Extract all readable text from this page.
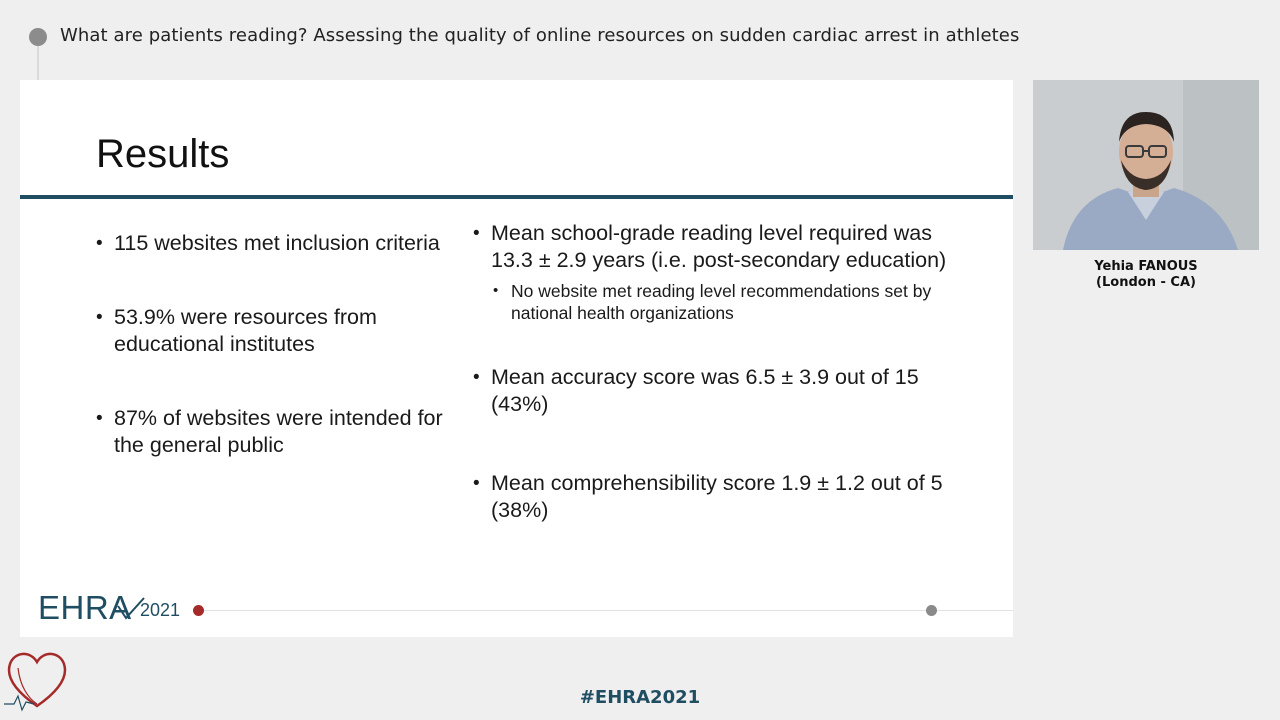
What are patients reading? Assessing the quality of online resources on sudden cardiac arrest in athletes
Results
• 115 websites met inclusion criteria
• 53.9% were resources from educational institutes
• 87% of websites were intended for the general public
• Mean school-grade reading level required was 13.3 ± 2.9 years (i.e. post-secondary education)
• No website met reading level recommendations set by national health organizations
• Mean accuracy score was 6.5 ± 3.9 out of 15 (43%)
• Mean comprehensibility score 1.9 ± 1.2 out of 5 (38%)
EHRA 2021
Yehia FANOUS
(London - CA)
#EHRA2021
